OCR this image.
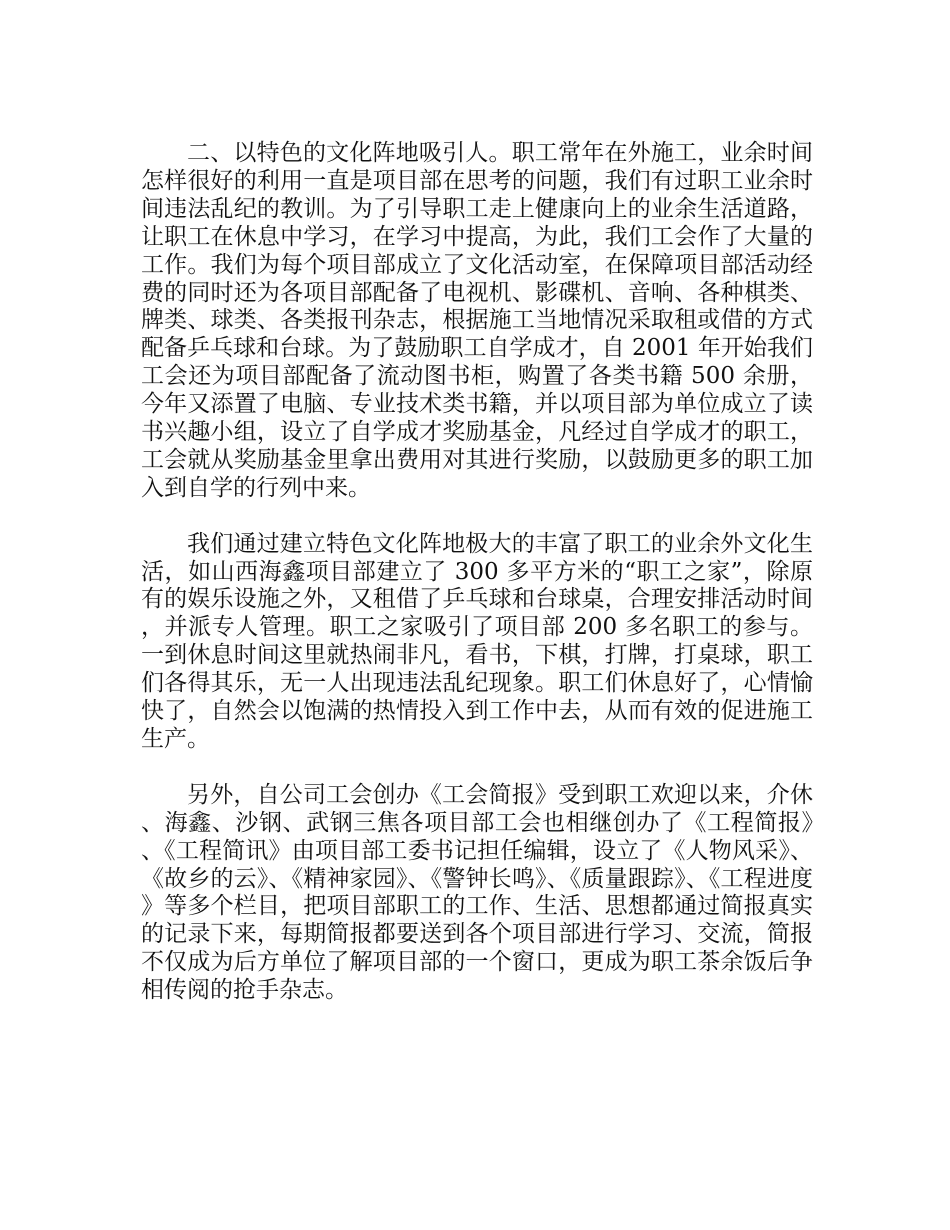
二、以特色的文化阵地吸引人。职工常年在外施工，业余时间怎样很好的利用一直是项目部在思考的问题，我们有过职工业余时间违法乱纪的教训。为了引导职工走上健康向上的业余生活道路，让职工在休息中学习，在学习中提高，为此，我们工会作了大量的工作。我们为每个项目部成立了文化活动室，在保障项目部活动经费的同时还为各项目部配备了电视机、影碟机、音响、各种棋类、牌类、球类、各类报刊杂志，根据施工当地情况采取租或借的方式配备乒乓球和台球。为了鼓励职工自学成才，自 2001 年开始我们工会还为项目部配备了流动图书柜，购置了各类书籍 500 余册，今年又添置了电脑、专业技术类书籍，并以项目部为单位成立了读书兴趣小组，设立了自学成才奖励基金，凡经过自学成才的职工，工会就从奖励基金里拿出费用对其进行奖励，以鼓励更多的职工加入到自学的行列中来。

我们通过建立特色文化阵地极大的丰富了职工的业余外文化生活，如山西海鑫项目部建立了 300 多平方米的“职工之家”，除原有的娱乐设施之外，又租借了乒乓球和台球桌，合理安排活动时间，并派专人管理。职工之家吸引了项目部 200 多名职工的参与。一到休息时间这里就热闹非凡，看书，下棋，打牌，打桌球，职工们各得其乐，无一人出现违法乱纪现象。职工们休息好了，心情愉快了，自然会以饱满的热情投入到工作中去，从而有效的促进施工生产。

另外，自公司工会创办《工会简报》受到职工欢迎以来，介休、海鑫、沙钢、武钢三焦各项目部工会也相继创办了《工程简报》、《工程简讯》由项目部工委书记担任编辑，设立了《人物风采》、《故乡的云》、《精神家园》、《警钟长鸣》、《质量跟踪》、《工程进度》等多个栏目，把项目部职工的工作、生活、思想都通过简报真实的记录下来，每期简报都要送到各个项目部进行学习、交流，简报不仅成为后方单位了解项目部的一个窗口，更成为职工茶余饭后争相传阅的抢手杂志。
